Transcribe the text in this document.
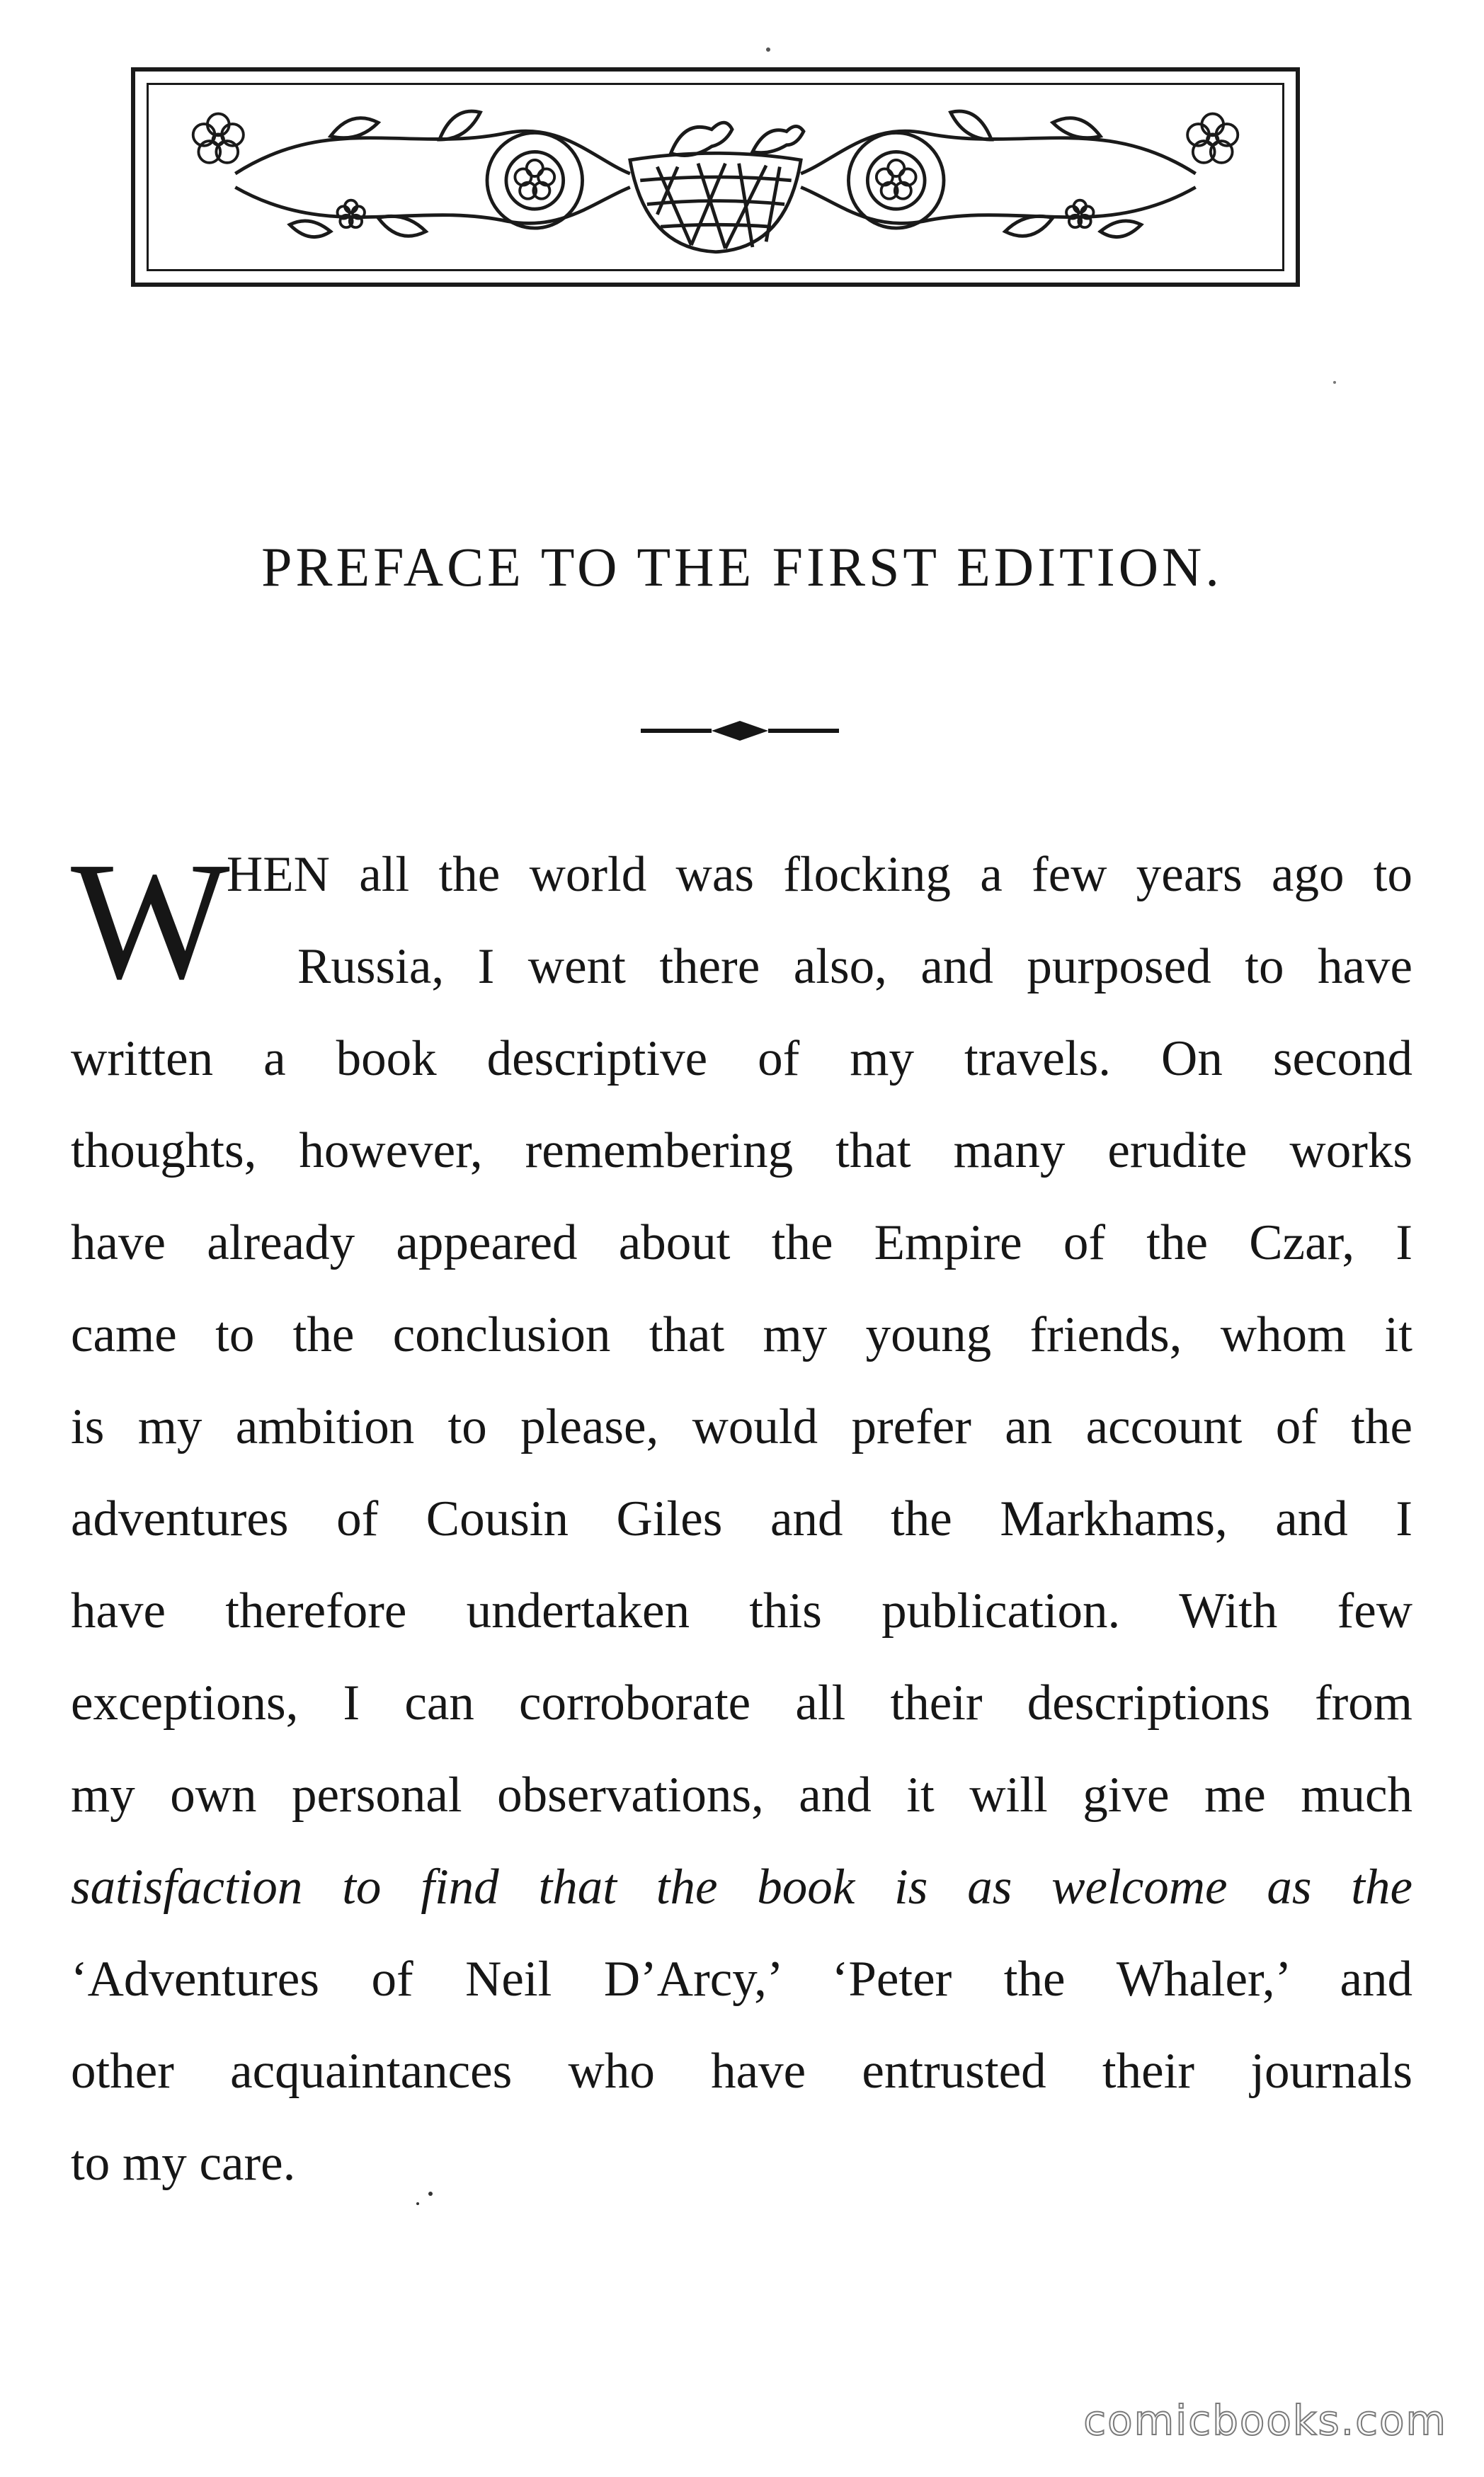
PREFACE TO THE FIRST EDITION.
W
HEN all the world was flocking a few years ago to
Russia, I went there also, and purposed to have
written a book descriptive of my travels. On second
thoughts, however, remembering that many erudite works
have already appeared about the Empire of the Czar, I
came to the conclusion that my young friends, whom it
is my ambition to please, would prefer an account of the
adventures of Cousin Giles and the Markhams, and I
have therefore undertaken this publication. With few
exceptions, I can corroborate all their descriptions from
my own personal observations, and it will give me much
satisfaction to find that the book is as welcome as the
‘Adventures of Neil D’Arcy,’ ‘Peter the Whaler,’ and
other acquaintances who have entrusted their journals
to my care.
comicbooks.com
